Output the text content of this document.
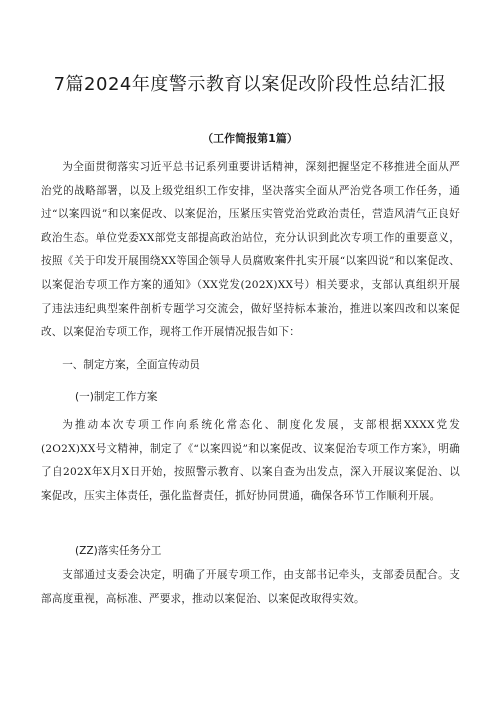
7篇2024年度警示教育以案促改阶段性总结汇报
（工作简报第1篇）

为全面贯彻落实习近平总书记系列重要讲话精神，深刻把握坚定不移推进全面从严治党的战略部署，以及上级党组织工作安排，坚决落实全面从严治党各项工作任务，通过“以案四说”和以案促改、以案促治，压紧压实管党治党政治责任，营造风清气正良好政治生态。单位党委XX部党支部提高政治站位，充分认识到此次专项工作的重要意义，按照《关于印发开展围绕XX等国企领导人员腐败案件扎实开展“以案四说”和以案促改、以案促治专项工作方案的通知》（XX党发(202X)XX号）相关要求，支部认真组织开展了违法违纪典型案件剖析专题学习交流会，做好坚持标本兼治，推进以案四改和以案促改、以案促治专项工作，现将工作开展情况报告如下：

一、制定方案，全面宣传动员

(一)制定工作方案

为推动本次专项工作向系统化常态化、制度化发展，支部根据XXXX党发(2O2X)XX号文精神，制定了《“以案四说”和以案促改、议案促治专项工作方案》，明确了自202X年X月X日开始，按照警示教育、以案自查为出发点，深入开展议案促治、以案促改，压实主体责任，强化监督责任，抓好协同贯通，确保各环节工作顺利开展。

(ZZ)落实任务分工

支部通过支委会决定，明确了开展专项工作，由支部书记牵头，支部委员配合。支部高度重视，高标准、严要求，推动以案促治、以案促改取得实效。
